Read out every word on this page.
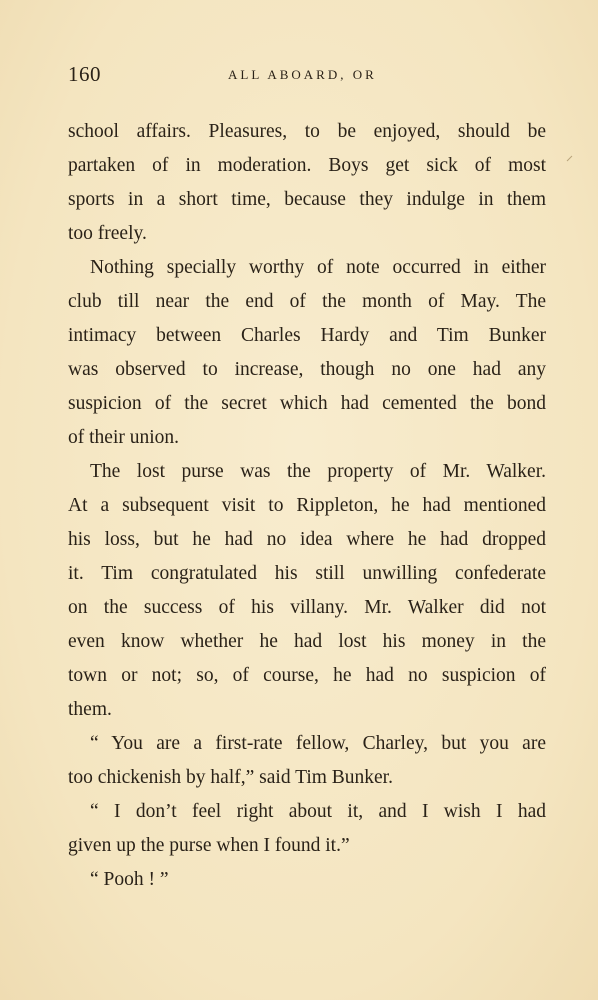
160	ALL ABOARD, OR
school affairs. Pleasures, to be enjoyed, should be
partaken of in moderation. Boys get sick of most
sports in a short time, because they indulge in them
too freely.
Nothing specially worthy of note occurred in either
club till near the end of the month of May. The
intimacy between Charles Hardy and Tim Bunker
was observed to increase, though no one had any
suspicion of the secret which had cemented the bond
of their union.
The lost purse was the property of Mr. Walker.
At a subsequent visit to Rippleton, he had mentioned
his loss, but he had no idea where he had dropped
it. Tim congratulated his still unwilling confederate
on the success of his villany. Mr. Walker did not
even know whether he had lost his money in the
town or not; so, of course, he had no suspicion of
them.
“ You are a first-rate fellow, Charley, but you are
too chickenish by half,” said Tim Bunker.
“ I don’t feel right about it, and I wish I had
given up the purse when I found it.”
“ Pooh ! ”
